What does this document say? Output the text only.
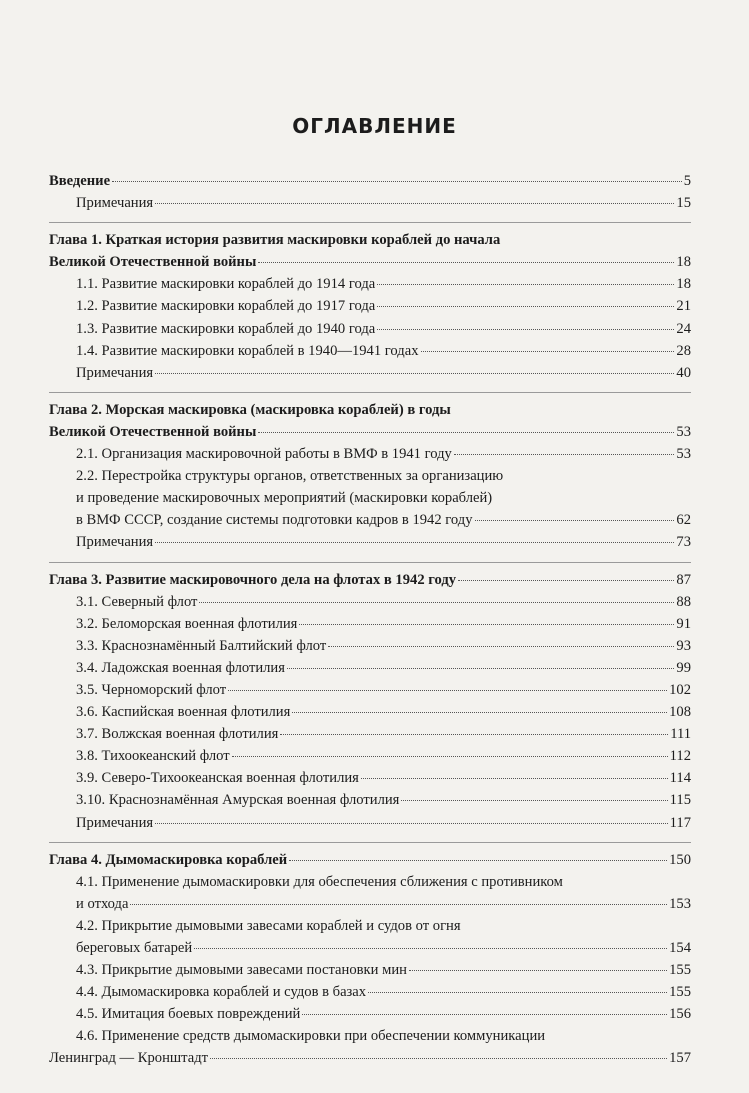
ОГЛАВЛЕНИЕ
Введение	5
Примечания	15
Глава 1. Краткая история развития маскировки кораблей до начала
Великой Отечественной войны	18
1.1. Развитие маскировки кораблей до 1914 года	18
1.2. Развитие маскировки кораблей до 1917 года	21
1.3. Развитие маскировки кораблей до 1940 года	24
1.4. Развитие маскировки кораблей в 1940—1941 годах	28
Примечания	40
Глава 2. Морская маскировка (маскировка кораблей) в годы
Великой Отечественной войны	53
2.1. Организация маскировочной работы в ВМФ в 1941 году	53
2.2. Перестройка структуры органов, ответственных за организацию
и проведение маскировочных мероприятий (маскировки кораблей)
в ВМФ СССР, создание системы подготовки кадров в 1942 году	62
Примечания	73
Глава 3. Развитие маскировочного дела на флотах в 1942 году	87
3.1. Северный флот	88
3.2. Беломорская военная флотилия	91
3.3. Краснознамённый Балтийский флот	93
3.4. Ладожская военная флотилия	99
3.5. Черноморский флот	102
3.6. Каспийская военная флотилия	108
3.7. Волжская военная флотилия	111
3.8. Тихоокеанский флот	112
3.9. Северо-Тихоокеанская военная флотилия	114
3.10. Краснознамённая Амурская военная флотилия	115
Примечания	117
Глава 4. Дымомаскировка кораблей	150
4.1. Применение дымомаскировки для обеспечения сближения с противником
и отхода	153
4.2. Прикрытие дымовыми завесами кораблей и судов от огня
береговых батарей	154
4.3. Прикрытие дымовыми завесами постановки мин	155
4.4. Дымомаскировка кораблей и судов в базах	155
4.5. Имитация боевых повреждений	156
4.6. Применение средств дымомаскировки при обеспечении коммуникации
Ленинград — Кронштадт	157
